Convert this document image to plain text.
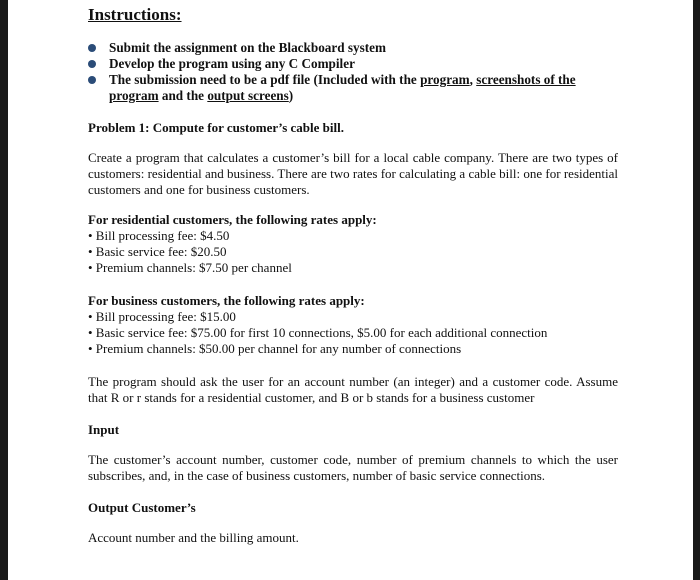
Instructions:
Submit the assignment on the Blackboard system
Develop the program using any C Compiler
The submission need to be a pdf file (Included with the program, screenshots of the program and the output screens)
Problem 1: Compute for customer’s cable bill.

Create a program that calculates a customer’s bill for a local cable company. There are two types of customers: residential and business. There are two rates for calculating a cable bill: one for residential customers and one for business customers.

For residential customers, the following rates apply:
• Bill processing fee: $4.50
• Basic service fee: $20.50
• Premium channels: $7.50 per channel
For business customers, the following rates apply:
• Bill processing fee: $15.00
• Basic service fee: $75.00 for first 10 connections, $5.00 for each additional connection
• Premium channels: $50.00 per channel for any number of connections

The program should ask the user for an account number (an integer) and a customer code. Assume that R or r stands for a residential customer, and B or b stands for a business customer

Input

The customer’s account number, customer code, number of premium channels to which the user subscribes, and, in the case of business customers, number of basic service connections.

Output Customer’s

Account number and the billing amount.
